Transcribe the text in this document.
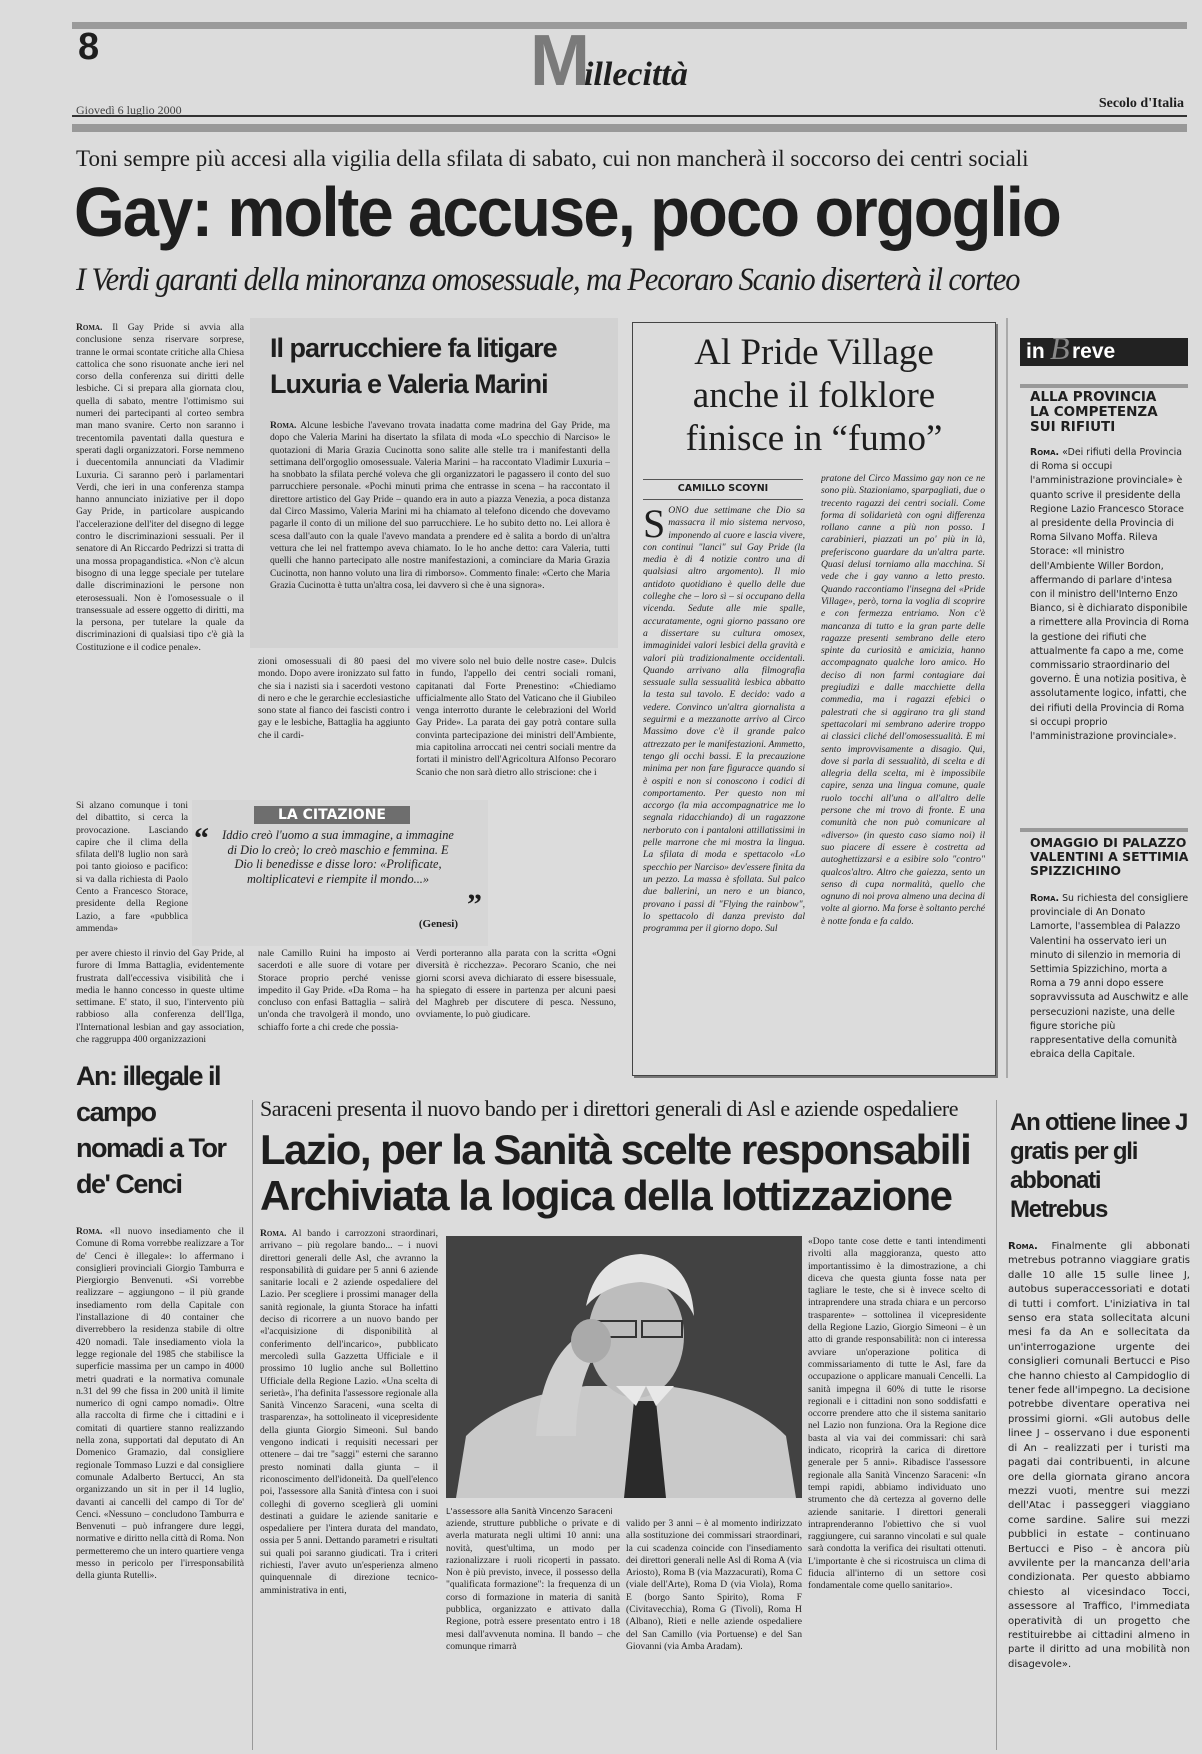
8	Millecittà
Giovedì 6 luglio 2000	Secolo d'Italia
Toni sempre più accesi alla vigilia della sfilata di sabato, cui non mancherà il soccorso dei centri sociali
Gay: molte accuse, poco orgoglio
I Verdi garanti della minoranza omosessuale, ma Pecoraro Scanio diserterà il corteo
Roma. Il Gay Pride si avvia alla conclusione senza riservare sorprese, tranne le ormai scontate critiche alla Chiesa cattolica che sono risuonate anche ieri nel corso della conferenza sui diritti delle lesbiche. Ci si prepara alla giornata clou, quella di sabato, mentre l'ottimismo sui numeri dei partecipanti al corteo sembra man mano svanire. Certo non saranno i trecentomila paventati dalla questura e sperati dagli organizzatori. Forse nemmeno i duecentomila annunciati da Vladimir Luxuria. Ci saranno però i parlamentari Verdi, che ieri in una conferenza stampa hanno annunciato iniziative per il dopo Gay Pride, in particolare auspicando l'accelerazione dell'iter del disegno di legge contro le discriminazioni sessuali. Per il senatore di An Riccardo Pedrizzi si tratta di una mossa propagandistica. «Non c'è alcun bisogno di una legge speciale per tutelare dalle discriminazioni le persone non eterosessuali. Non è l'omosessuale o il transessuale ad essere oggetto di diritti, ma la persona, per tutelare la quale da discriminazioni di qualsiasi tipo c'è già la Costituzione e il codice penale».
Si alzano comunque i toni del dibattito, si cerca la provocazione. Lasciando capire che il clima della sfilata dell'8 luglio non sarà poi tanto gioioso e pacifico: si va dalla richiesta di Paolo Cento a Francesco Storace, presidente della Regione Lazio, a fare «pubblica ammenda»
per avere chiesto il rinvio del Gay Pride, al furore di Imma Battaglia, evidentemente frustrata dall'eccessiva visibilità che i media le hanno concesso in queste ultime settimane. E' stato, il suo, l'intervento più rabbioso alla conferenza dell'Ilga, l'International lesbian and gay association, che raggruppa 400 organizzazioni
Il parrucchiere fa litigare
Luxuria e Valeria Marini
Roma. Alcune lesbiche l'avevano trovata inadatta come madrina del Gay Pride, ma dopo che Valeria Marini ha disertato la sfilata di moda «Lo specchio di Narciso» le quotazioni di Maria Grazia Cucinotta sono salite alle stelle tra i manifestanti della settimana dell'orgoglio omosessuale. Valeria Marini – ha raccontato Vladimir Luxuria – ha snobbato la sfilata perché voleva che gli organizzatori le pagassero il conto del suo parrucchiere personale. «Pochi minuti prima che entrasse in scena – ha raccontato il direttore artistico del Gay Pride – quando era in auto a piazza Venezia, a poca distanza dal Circo Massimo, Valeria Marini mi ha chiamato al telefono dicendo che dovevamo pagarle il conto di un milione del suo parrucchiere. Le ho subito detto no. Lei allora è scesa dall'auto con la quale l'avevo mandata a prendere ed è salita a bordo di un'altra vettura che lei nel frattempo aveva chiamato. Io le ho anche detto: cara Valeria, tutti quelli che hanno partecipato alle nostre manifestazioni, a cominciare da Maria Grazia Cucinotta, non hanno voluto una lira di rimborso». Commento finale: «Certo che Maria Grazia Cucinotta è tutta un'altra cosa, lei davvero sì che è una signora».
zioni omosessuali di 80 paesi del mondo. Dopo avere ironizzato sul fatto che sia i nazisti sia i sacerdoti vestono di nero e che le gerarchie ecclesiastiche sono state al fianco dei fascisti contro i gay e le lesbiche, Battaglia ha aggiunto che il cardi-
nale Camillo Ruini ha imposto ai sacerdoti e alle suore di votare per Storace proprio perché venisse impedito il Gay Pride. «Da Roma – ha concluso con enfasi Battaglia – salirà un'onda che travolgerà il mondo, uno schiaffo forte a chi crede che possia-
mo vivere solo nel buio delle nostre case». Dulcis in fundo, l'appello dei centri sociali romani, capitanati dal Forte Prenestino: «Chiediamo ufficialmente allo Stato del Vaticano che il Giubileo venga interrotto durante le celebrazioni del World Gay Pride». La parata dei gay potrà contare sulla convinta partecipazione dei ministri dell'Ambiente, mia capitolina arroccati nei centri sociali mentre da fortati il ministro dell'Agricoltura Alfonso Pecoraro Scanio che non sarà dietro allo striscione: che i
Verdi porteranno alla parata con la scritta «Ogni diversità è ricchezza». Pecoraro Scanio, che nei giorni scorsi aveva dichiarato di essere bisessuale, ha spiegato di essere in partenza per alcuni paesi del Maghreb per discutere di pesca. Nessuno, ovviamente, lo può giudicare.
LA CITAZIONE
“ Iddio creò l'uomo a sua immagine, a immagine di Dio lo creò; lo creò maschio e femmina. E Dio li benedisse e disse loro: «Prolificate, moltiplicatevi e riempite il mondo...»
”
(Genesi)
Al Pride Village
anche il folklore
finisce in “fumo”
CAMILLO SCOYNI
SONO due settimane che Dio sa massacra il mio sistema nervoso, imponendo al cuore e lascia vivere, con continui "lanci" sul Gay Pride (la media è di 4 notizie contro una di qualsiasi altro argomento). Il mio antidoto quotidiano è quello delle due colleghe che – loro sì – si occupano della vicenda. Sedute alle mie spalle, accuratamente, ogni giorno passano ore a dissertare su cultura omosex, immaginidei valori lesbici della gravità e valori più tradizionalmente occidentali. Quando arrivano alla filmografia sessuale sulla sessualità lesbica abbatto la testa sul tavolo. E decido: vado a vedere. Convinco un'altra giornalista a seguirmi e a mezzanotte arrivo al Circo Massimo dove c'è il grande palco attrezzato per le manifestazioni. Ammetto, tengo gli occhi bassi. E la precauzione minima per non fare figuracce quando si è ospiti e non si conoscono i codici di comportamento. Per questo non mi accorgo (la mia accompagnatrice me lo segnala ridacchiando) di un ragazzone nerboruto con i pantaloni attillatissimi in pelle marrone che mi mostra la lingua. La sfilata di moda e spettacolo «Lo specchio per Narciso» dev'essere finita da un pezzo. La massa è sfollata. Sul palco due ballerini, un nero e un bianco, provano i passi di "Flying the rainbow", lo spettacolo di danza previsto dal programma per il giorno dopo. Sul
pratone del Circo Massimo gay non ce ne sono più. Stazioniamo, sparpagliati, due o trecento ragazzi dei centri sociali. Come forma di solidarietà con ogni differenza rollano canne a più non posso. I carabinieri, piazzati un po' più in là, preferiscono guardare da un'altra parte. Quasi delusi torniamo alla macchina. Si vede che i gay vanno a letto presto. Quando raccontiamo l'insegna del «Pride Village», però, torna la voglia di scoprire e con fermezza entriamo. Non c'è mancanza di tutto e la gran parte delle ragazze presenti sembrano delle etero spinte da curiosità e amicizia, hanno accompagnato qualche loro amico. Ho deciso di non farmi contagiare dai pregiudizi e dalle macchiette della commedia, ma i ragazzi efebici o palestrati che si aggirano tra gli stand spettacolari mi sembrano aderire troppo ai classici cliché dell'omosessualità. E mi sento improvvisamente a disagio. Qui, dove si parla di sessualità, di scelta e di allegria della scelta, mi è impossibile capire, senza una lingua comune, quale ruolo tocchi all'una o all'altro delle persone che mi trovo di fronte. E una comunità che non può comunicare al «diverso» (in questo caso siamo noi) il suo piacere di essere è costretta ad autoghettizzarsi e a esibire solo "contro" qualcos'altro. Altro che gaiezza, sento un senso di cupa normalità, quello che ognuno di noi prova almeno una decina di volte al giorno. Ma forse è soltanto perché è notte fonda e fa caldo.
in B reve
ALLA PROVINCIA LA COMPETENZA SUI RIFIUTI
Roma. «Dei rifiuti della Provincia di Roma si occupi l'amministrazione provinciale» è quanto scrive il presidente della Regione Lazio Francesco Storace al presidente della Provincia di Roma Silvano Moffa. Rileva Storace: «Il ministro dell'Ambiente Willer Bordon, affermando di parlare d'intesa con il ministro dell'Interno Enzo Bianco, si è dichiarato disponibile a rimettere alla Provincia di Roma la gestione dei rifiuti che attualmente fa capo a me, come commissario straordinario del governo. È una notizia positiva, è assolutamente logico, infatti, che dei rifiuti della Provincia di Roma si occupi proprio l'amministrazione provinciale».
OMAGGIO DI PALAZZO VALENTINI A SETTIMIA SPIZZICHINO
Roma. Su richiesta del consigliere provinciale di An Donato Lamorte, l'assemblea di Palazzo Valentini ha osservato ieri un minuto di silenzio in memoria di Settimia Spizzichino, morta a Roma a 79 anni dopo essere sopravvissuta ad Auschwitz e alle persecuzioni naziste, una delle figure storiche più rappresentative della comunità ebraica della Capitale.
An: illegale il campo nomadi a Tor de' Cenci
Roma. «Il nuovo insediamento che il Comune di Roma vorrebbe realizzare a Tor de' Cenci è illegale»: lo affermano i consiglieri provinciali Giorgio Tamburra e Piergiorgio Benvenuti. «Si vorrebbe realizzare – aggiungono – il più grande insediamento rom della Capitale con l'installazione di 40 container che diverrebbero la residenza stabile di oltre 420 nomadi. Tale insediamento viola la legge regionale del 1985 che stabilisce la superficie massima per un campo in 4000 metri quadrati e la normativa comunale n.31 del 99 che fissa in 200 unità il limite numerico di ogni campo nomadi». Oltre alla raccolta di firme che i cittadini e i comitati di quartiere stanno realizzando nella zona, supportati dal deputato di An Domenico Gramazio, dal consigliere regionale Tommaso Luzzi e dal consigliere comunale Adalberto Bertucci, An sta organizzando un sit in per il 14 luglio, davanti ai cancelli del campo di Tor de' Cenci. «Nessuno – concludono Tamburra e Benvenuti – può infrangere dure leggi, normative e diritto nella città di Roma. Non permetteremo che un intero quartiere venga messo in pericolo per l'irresponsabilità della giunta Rutelli».
Saraceni presenta il nuovo bando per i direttori generali di Asl e aziende ospedaliere
Lazio, per la Sanità scelte responsabili
Archiviata la logica della lottizzazione
Roma. Al bando i carrozzoni straordinari, arrivano – più regolare bando... – i nuovi direttori generali delle Asl, che avranno la responsabilità di guidare per 5 anni 6 aziende sanitarie locali e 2 aziende ospedaliere del Lazio. Per scegliere i prossimi manager della sanità regionale, la giunta Storace ha infatti deciso di ricorrere a un nuovo bando per «l'acquisizione di disponibilità al conferimento dell'incarico», pubblicato mercoledì sulla Gazzetta Ufficiale e il prossimo 10 luglio anche sul Bollettino Ufficiale della Regione Lazio. «Una scelta di serietà», l'ha definita l'assessore regionale alla Sanità Vincenzo Saraceni, «una scelta di trasparenza», ha sottolineato il vicepresidente della giunta Giorgio Simeoni. Sul bando vengono indicati i requisiti necessari per ottenere – dai tre "saggi" esterni che saranno presto nominati dalla giunta – il riconoscimento dell'idoneità. Da quell'elenco poi, l'assessore alla Sanità d'intesa con i suoi colleghi di governo sceglierà gli uomini destinati a guidare le aziende sanitarie e ospedaliere per l'intera durata del mandato, ossia per 5 anni. Dettando parametri e risultati sui quali poi saranno giudicati. Tra i criteri richiesti, l'aver avuto un'esperienza almeno quinquennale di direzione tecnico-amministrativa in enti,
L'assessore alla Sanità Vincenzo Saraceni
aziende, strutture pubbliche o private e di averla maturata negli ultimi 10 anni: una novità, quest'ultima, un modo per razionalizzare i ruoli ricoperti in passato. Non è più previsto, invece, il possesso della "qualificata formazione": la frequenza di un corso di formazione in materia di sanità pubblica, organizzato e attivato dalla Regione, potrà essere presentato entro i 18 mesi dall'avvenuta nomina. Il bando – che comunque rimarrà
valido per 3 anni – è al momento indirizzato alla sostituzione dei commissari straordinari, la cui scadenza coincide con l'insediamento dei direttori generali nelle Asl di Roma A (via Ariosto), Roma B (via Mazzacurati), Roma C (viale dell'Arte), Roma D (via Viola), Roma E (borgo Santo Spirito), Roma F (Civitavecchia), Roma G (Tivoli), Roma H (Albano), Rieti e nelle aziende ospedaliere del San Camillo (via Portuense) e del San Giovanni (via Amba Aradam).
«Dopo tante cose dette e tanti intendimenti rivolti alla maggioranza, questo atto importantissimo è la dimostrazione, a chi diceva che questa giunta fosse nata per tagliare le teste, che si è invece scelto di intraprendere una strada chiara e un percorso trasparente» – sottolinea il vicepresidente della Regione Lazio, Giorgio Simeoni – è un atto di grande responsabilità: non ci interessa avviare un'operazione politica di commissariamento di tutte le Asl, fare da occupazione o applicare manuali Cencelli. La sanità impegna il 60% di tutte le risorse regionali e i cittadini non sono soddisfatti e occorre prendere atto che il sistema sanitario nel Lazio non funziona. Ora la Regione dice basta al via vai dei commissari: chi sarà indicato, ricoprirà la carica di direttore generale per 5 anni». Ribadisce l'assessore regionale alla Sanità Vincenzo Saraceni: «In tempi rapidi, abbiamo individuato uno strumento che dà certezza al governo delle aziende sanitarie. I direttori generali intraprenderanno l'obiettivo che si vuol raggiungere, cui saranno vincolati e sul quale sarà condotta la verifica dei risultati ottenuti. L'importante è che si ricostruisca un clima di fiducia all'interno di un settore così fondamentale come quello sanitario».
An ottiene linee J gratis per gli abbonati Metrebus
Roma. Finalmente gli abbonati metrebus potranno viaggiare gratis dalle 10 alle 15 sulle linee J, autobus superaccessoriati e dotati di tutti i comfort. L'iniziativa in tal senso era stata sollecitata alcuni mesi fa da An e sollecitata da un'interrogazione urgente dei consiglieri comunali Bertucci e Piso che hanno chiesto al Campidoglio di tener fede all'impegno. La decisione potrebbe diventare operativa nei prossimi giorni. «Gli autobus delle linee J – osservano i due esponenti di An – realizzati per i turisti ma pagati dai contribuenti, in alcune ore della giornata girano ancora mezzi vuoti, mentre sui mezzi dell'Atac i passeggeri viaggiano come sardine. Salire sui mezzi pubblici in estate – continuano Bertucci e Piso – è ancora più avvilente per la mancanza dell'aria condizionata. Per questo abbiamo chiesto al vicesindaco Tocci, assessore al Traffico, l'immediata operatività di un progetto che restituirebbe ai cittadini almeno in parte il diritto ad una mobilità non disagevole».
